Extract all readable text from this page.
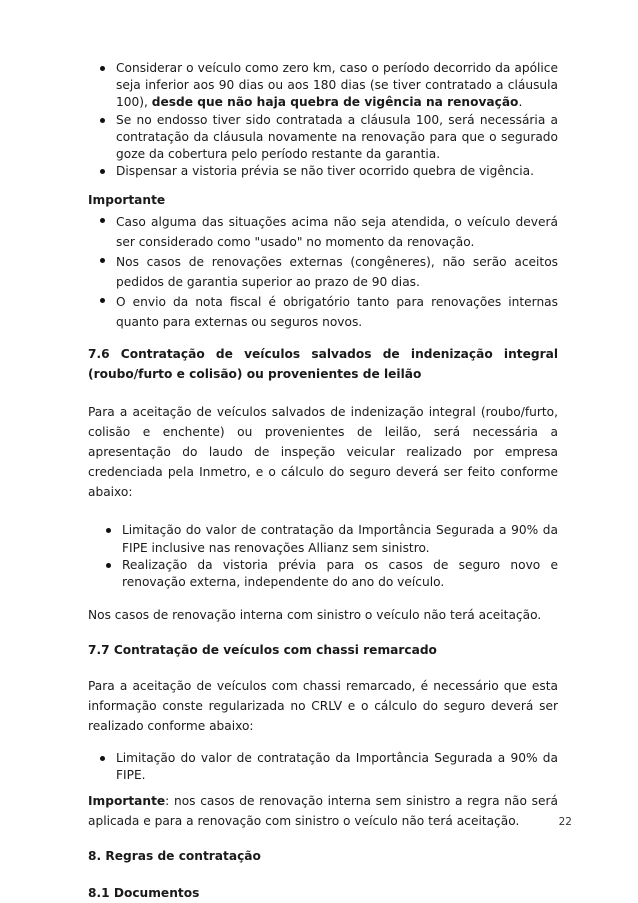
Considerar o veículo como zero km, caso o período decorrido da apólice seja inferior aos 90 dias ou aos 180 dias (se tiver contratado a cláusula 100), desde que não haja quebra de vigência na renovação.
Se no endosso tiver sido contratada a cláusula 100, será necessária a contratação da cláusula novamente na renovação para que o segurado goze da cobertura pelo período restante da garantia.
Dispensar a vistoria prévia se não tiver ocorrido quebra de vigência.
Importante
Caso alguma das situações acima não seja atendida, o veículo deverá ser considerado como "usado" no momento da renovação.
Nos casos de renovações externas (congêneres), não serão aceitos pedidos de garantia superior ao prazo de 90 dias.
O envio da nota fiscal é obrigatório tanto para renovações internas quanto para externas ou seguros novos.
7.6 Contratação de veículos salvados de indenização integral (roubo/furto e colisão) ou provenientes de leilão
Para a aceitação de veículos salvados de indenização integral (roubo/furto, colisão e enchente) ou provenientes de leilão, será necessária a apresentação do laudo de inspeção veicular realizado por empresa credenciada pela Inmetro, e o cálculo do seguro deverá ser feito conforme abaixo:
Limitação do valor de contratação da Importância Segurada a 90% da FIPE inclusive nas renovações Allianz sem sinistro.
Realização da vistoria prévia para os casos de seguro novo e renovação externa, independente do ano do veículo.
Nos casos de renovação interna com sinistro o veículo não terá aceitação.
7.7 Contratação de veículos com chassi remarcado
Para a aceitação de veículos com chassi remarcado, é necessário que esta informação conste regularizada no CRLV e o cálculo do seguro deverá ser realizado conforme abaixo:
Limitação do valor de contratação da Importância Segurada a 90% da FIPE.
Importante: nos casos de renovação interna sem sinistro a regra não será aplicada e para a renovação com sinistro o veículo não terá aceitação.
8. Regras de contratação
8.1 Documentos
22
